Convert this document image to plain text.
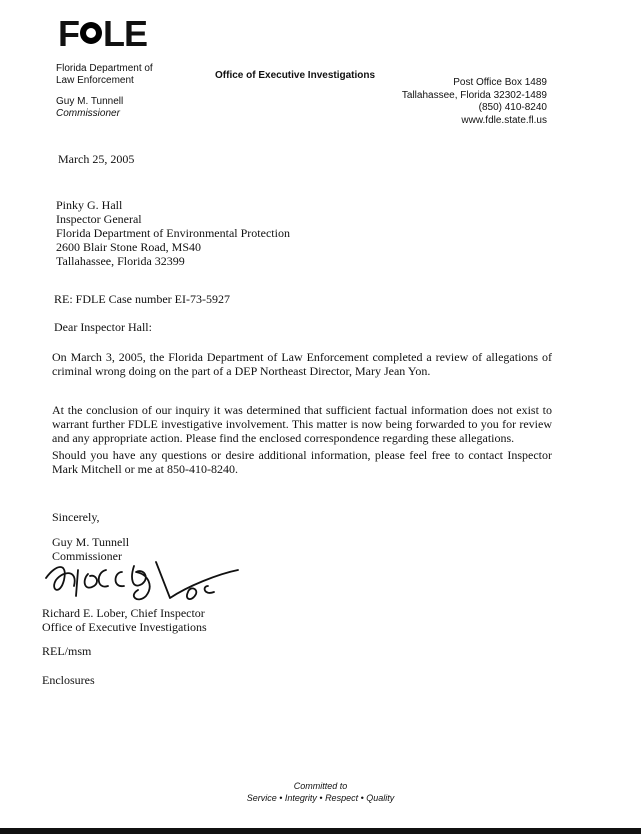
F LE
Florida Department of
Law Enforcement	Office of Executive Investigations
Guy M. Tunnell
Commissioner
Post Office Box 1489
Tallahassee, Florida 32302-1489
(850) 410-8240
www.fdle.state.fl.us
March 25, 2005
Pinky G. Hall
Inspector General
Florida Department of Environmental Protection
2600 Blair Stone Road, MS40
Tallahassee, Florida 32399
RE: FDLE Case number EI-73-5927
Dear Inspector Hall:
On March 3, 2005, the Florida Department of Law Enforcement completed a review of allegations of criminal wrong doing on the part of a DEP Northeast Director, Mary Jean Yon.
At the conclusion of our inquiry it was determined that sufficient factual information does not exist to warrant further FDLE investigative involvement. This matter is now being forwarded to you for review and any appropriate action. Please find the enclosed correspondence regarding these allegations.
Should you have any questions or desire additional information, please feel free to contact Inspector Mark Mitchell or me at 850-410-8240.
Sincerely,
Guy M. Tunnell
Commissioner
Richard E. Lober, Chief Inspector
Office of Executive Investigations
REL/msm
Enclosures
Committed to
Service • Integrity • Respect • Quality
